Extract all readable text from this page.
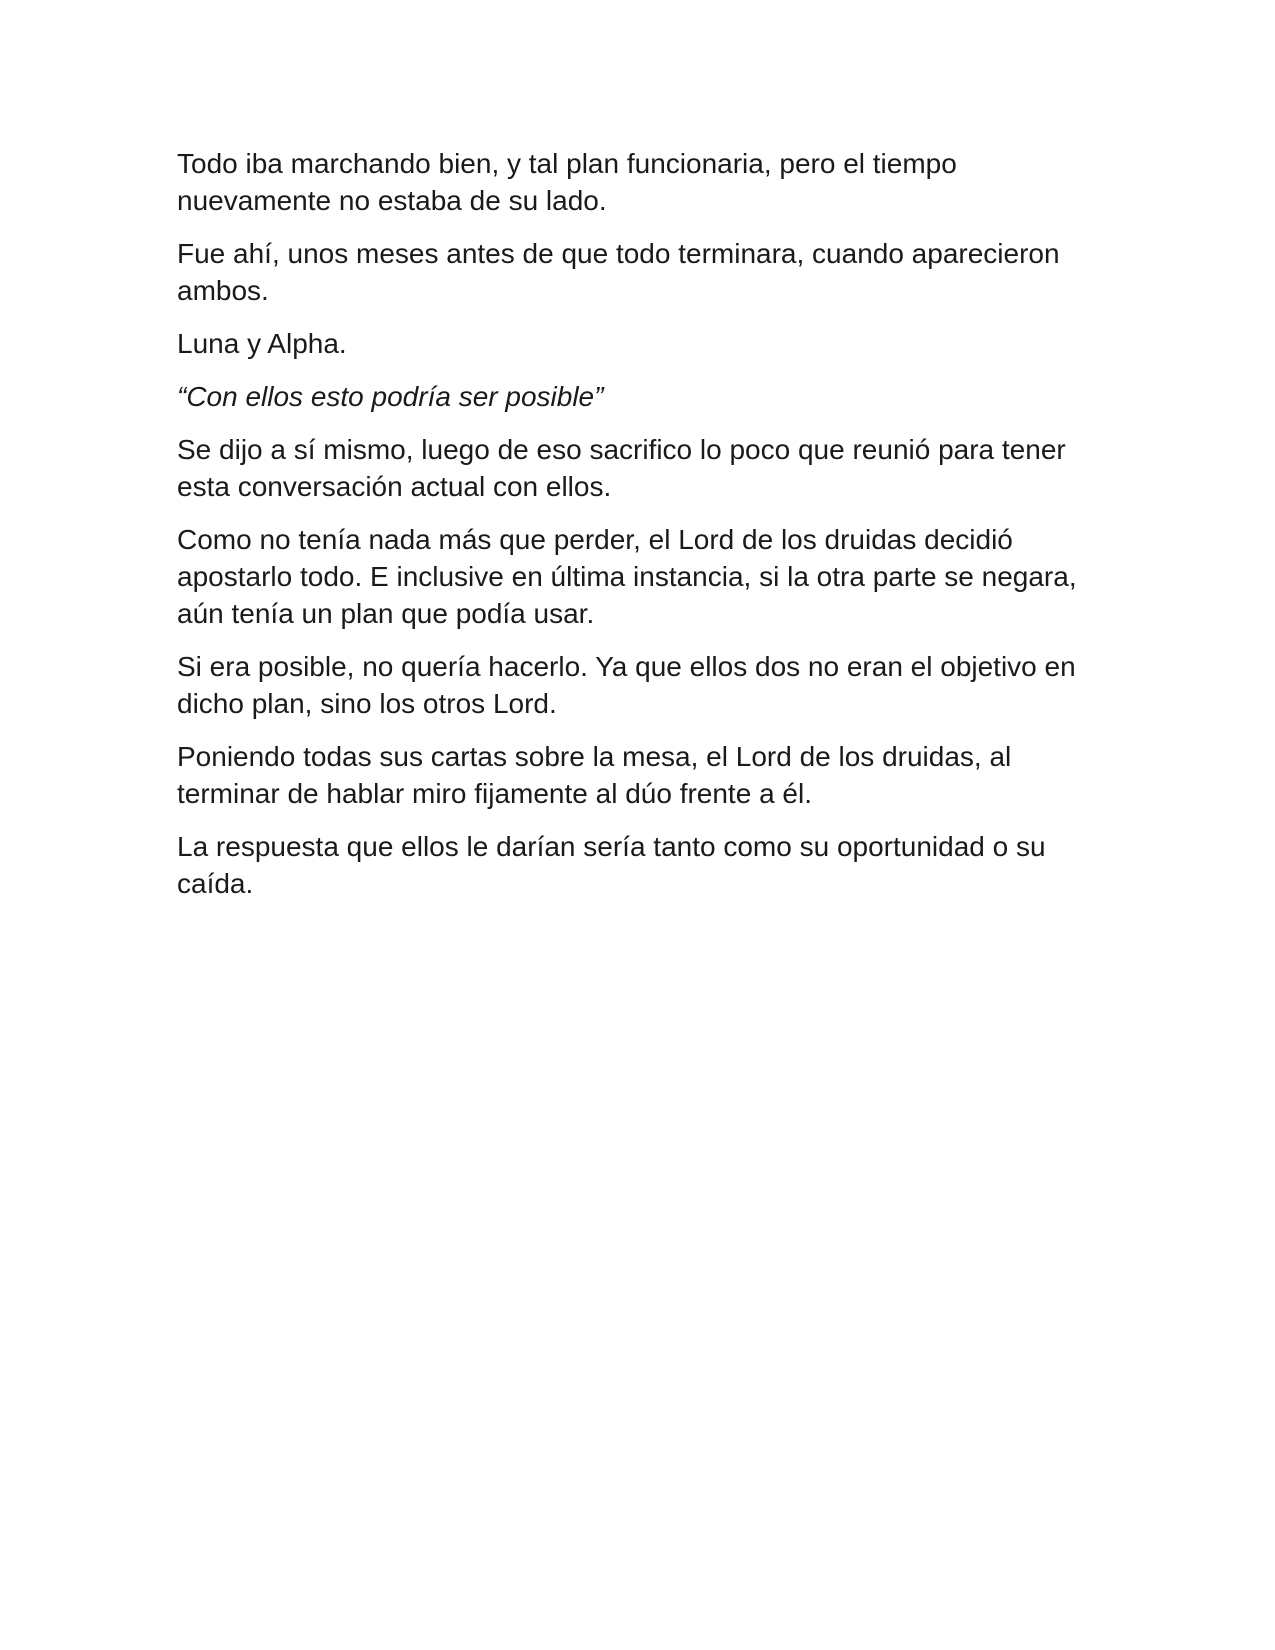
Todo iba marchando bien, y tal plan funcionaria, pero el tiempo nuevamente no estaba de su lado.

Fue ahí, unos meses antes de que todo terminara, cuando aparecieron ambos.

Luna y Alpha.

“Con ellos esto podría ser posible”

Se dijo a sí mismo, luego de eso sacrifico lo poco que reunió para tener esta conversación actual con ellos.

Como no tenía nada más que perder, el Lord de los druidas decidió apostarlo todo. E inclusive en última instancia, si la otra parte se negara, aún tenía un plan que podía usar.

Si era posible, no quería hacerlo. Ya que ellos dos no eran el objetivo en dicho plan, sino los otros Lord.

Poniendo todas sus cartas sobre la mesa, el Lord de los druidas, al terminar de hablar miro fijamente al dúo frente a él.

La respuesta que ellos le darían sería tanto como su oportunidad o su caída.
